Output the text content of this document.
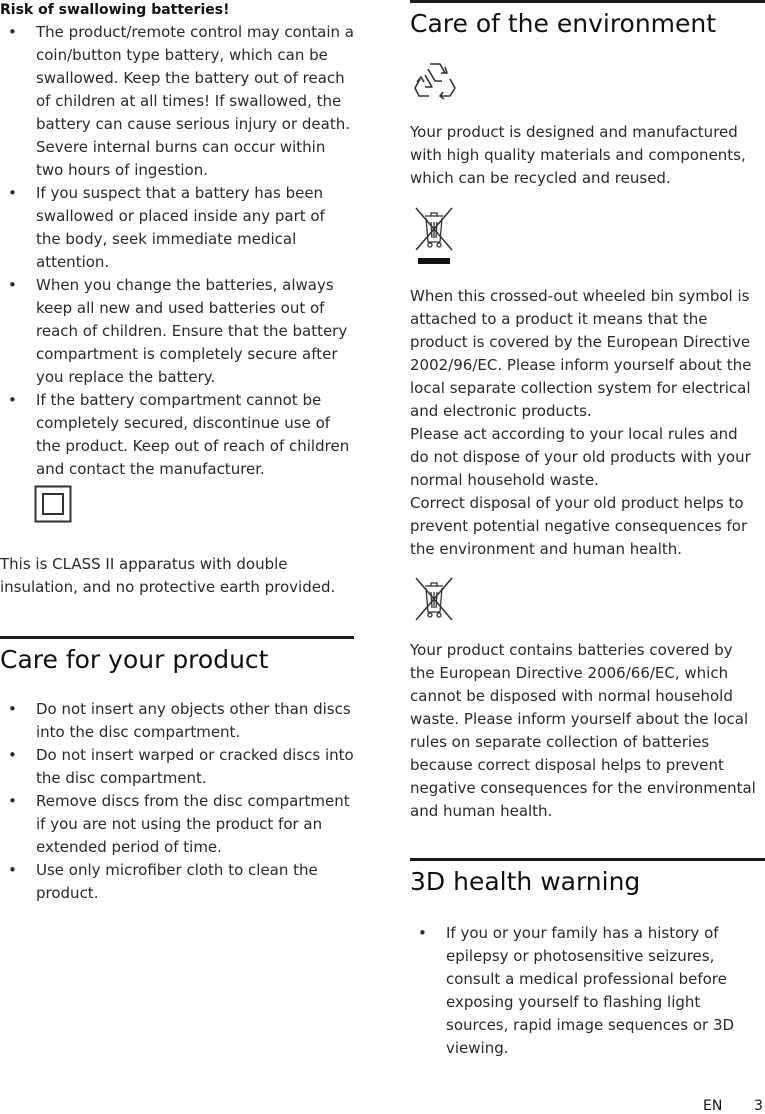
Risk of swallowing batteries!
• The product/remote control may contain a coin/button type battery, which can be swallowed. Keep the battery out of reach of children at all times! If swallowed, the battery can cause serious injury or death. Severe internal burns can occur within two hours of ingestion.
• If you suspect that a battery has been swallowed or placed inside any part of the body, seek immediate medical attention.
• When you change the batteries, always keep all new and used batteries out of reach of children. Ensure that the battery compartment is completely secure after you replace the battery.
• If the battery compartment cannot be completely secured, discontinue use of the product. Keep out of reach of children and contact the manufacturer.

This is CLASS II apparatus with double insulation, and no protective earth provided.

Care for your product
• Do not insert any objects other than discs into the disc compartment.
• Do not insert warped or cracked discs into the disc compartment.
• Remove discs from the disc compartment if you are not using the product for an extended period of time.
• Use only microfiber cloth to clean the product.
Care of the environment

Your product is designed and manufactured with high quality materials and components, which can be recycled and reused.

When this crossed-out wheeled bin symbol is attached to a product it means that the product is covered by the European Directive 2002/96/EC. Please inform yourself about the local separate collection system for electrical and electronic products.

Please act according to your local rules and do not dispose of your old products with your normal household waste.

Correct disposal of your old product helps to prevent potential negative consequences for the environment and human health.

Your product contains batteries covered by the European Directive 2006/66/EC, which cannot be disposed with normal household waste. Please inform yourself about the local rules on separate collection of batteries because correct disposal helps to prevent negative consequences for the environmental and human health.

3D health warning
• If you or your family has a history of epilepsy or photosensitive seizures, consult a medical professional before exposing yourself to flashing light sources, rapid image sequences or 3D viewing.
EN 3
